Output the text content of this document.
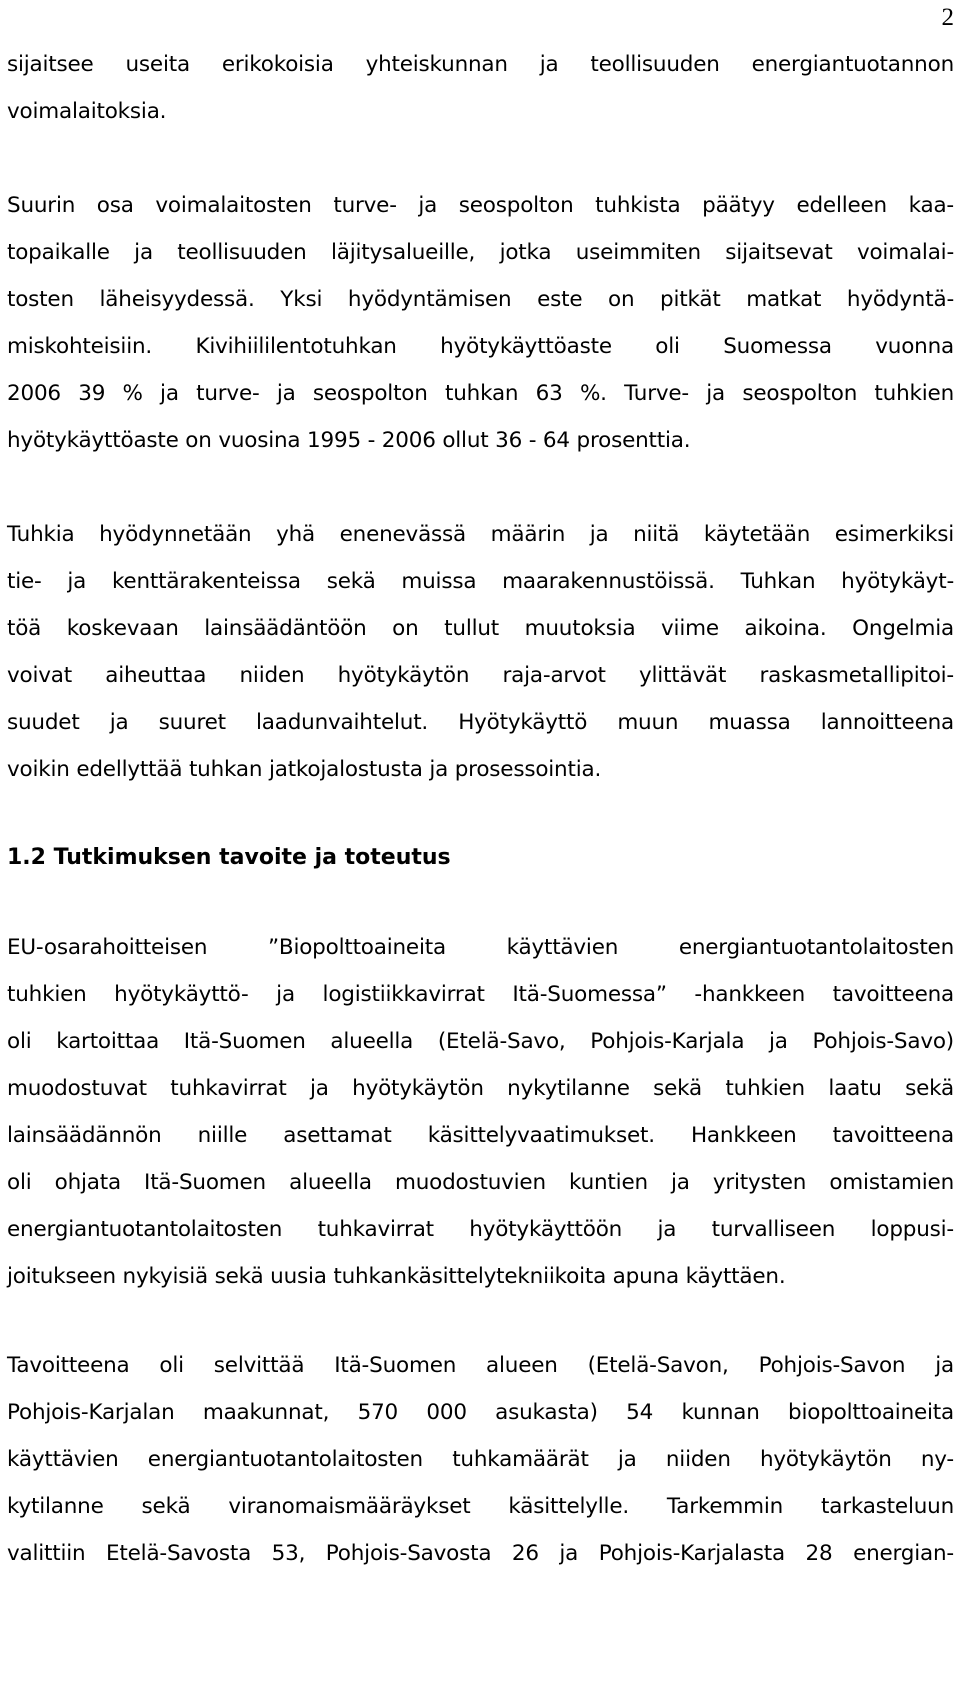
2
sijaitsee useita erikokoisia yhteiskunnan ja teollisuuden energiantuotannon
voimalaitoksia.
Suurin osa voimalaitosten turve- ja seospolton tuhkista päätyy edelleen kaa-
topaikalle ja teollisuuden läjitysalueille, jotka useimmiten sijaitsevat voimalai-
tosten läheisyydessä. Yksi hyödyntämisen este on pitkät matkat hyödyntä-
miskohteisiin. Kivihiililentotuhkan hyötykäyttöaste oli Suomessa vuonna
2006 39 % ja turve- ja seospolton tuhkan 63 %. Turve- ja seospolton tuhkien
hyötykäyttöaste on vuosina 1995 - 2006 ollut 36 - 64 prosenttia.
Tuhkia hyödynnetään yhä enenevässä määrin ja niitä käytetään esimerkiksi
tie- ja kenttärakenteissa sekä muissa maarakennustöissä. Tuhkan hyötykäyt-
töä koskevaan lainsäädäntöön on tullut muutoksia viime aikoina. Ongelmia
voivat aiheuttaa niiden hyötykäytön raja-arvot ylittävät raskasmetallipitoi-
suudet ja suuret laadunvaihtelut. Hyötykäyttö muun muassa lannoitteena
voikin edellyttää tuhkan jatkojalostusta ja prosessointia.
1.2 Tutkimuksen tavoite ja toteutus
EU-osarahoitteisen ”Biopolttoaineita käyttävien energiantuotantolaitosten
tuhkien hyötykäyttö- ja logistiikkavirrat Itä-Suomessa” -hankkeen tavoitteena
oli kartoittaa Itä-Suomen alueella (Etelä-Savo, Pohjois-Karjala ja Pohjois-Savo)
muodostuvat tuhkavirrat ja hyötykäytön nykytilanne sekä tuhkien laatu sekä
lainsäädännön niille asettamat käsittelyvaatimukset. Hankkeen tavoitteena
oli ohjata Itä-Suomen alueella muodostuvien kuntien ja yritysten omistamien
energiantuotantolaitosten tuhkavirrat hyötykäyttöön ja turvalliseen loppusi-
joitukseen nykyisiä sekä uusia tuhkankäsittelytekniikoita apuna käyttäen.
Tavoitteena oli selvittää Itä-Suomen alueen (Etelä-Savon, Pohjois-Savon ja
Pohjois-Karjalan maakunnat, 570 000 asukasta) 54 kunnan biopolttoaineita
käyttävien energiantuotantolaitosten tuhkamäärät ja niiden hyötykäytön ny-
kytilanne sekä viranomaismääräykset käsittelylle. Tarkemmin tarkasteluun
valittiin Etelä-Savosta 53, Pohjois-Savosta 26 ja Pohjois-Karjalasta 28 energian-
